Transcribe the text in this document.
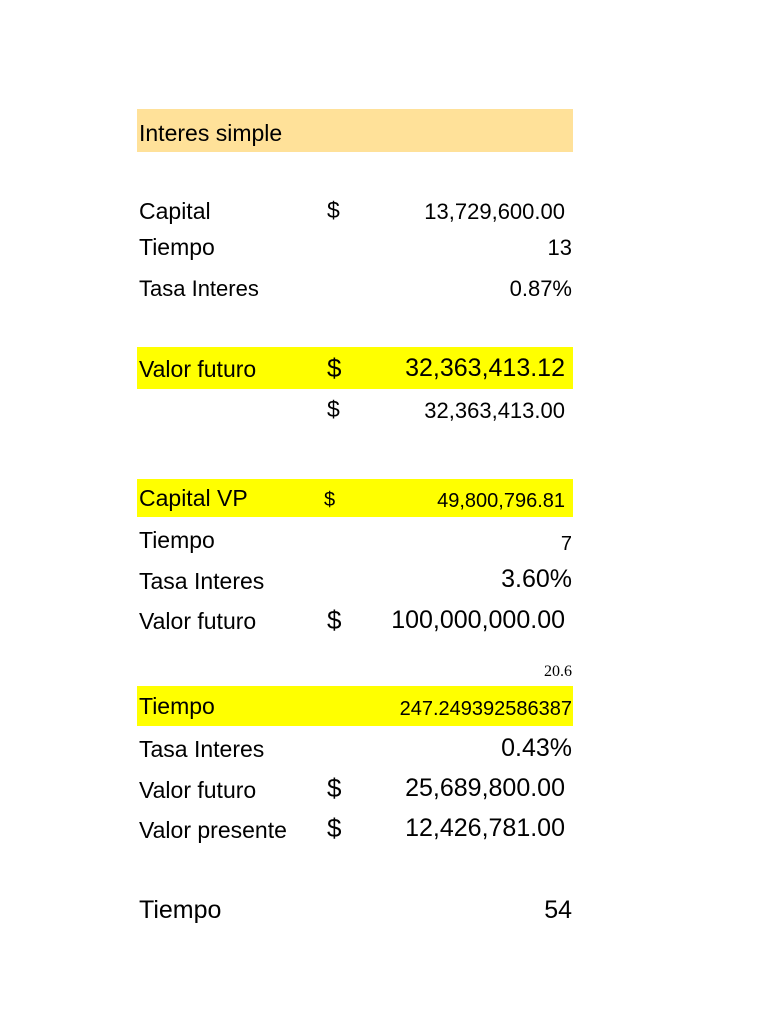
Interes simple
Capital	$	13,729,600.00
Tiempo	13
Tasa Interes	0.87%
Valor futuro	$	32,363,413.12
$	32,363,413.00
Capital VP	$	49,800,796.81
Tiempo	7
Tasa Interes	3.60%
Valor futuro	$ 100,000,000.00
20.6
Tiempo	247.249392586387
Tasa Interes	0.43%
Valor futuro	$	25,689,800.00
Valor presente $	12,426,781.00
Tiempo	54
